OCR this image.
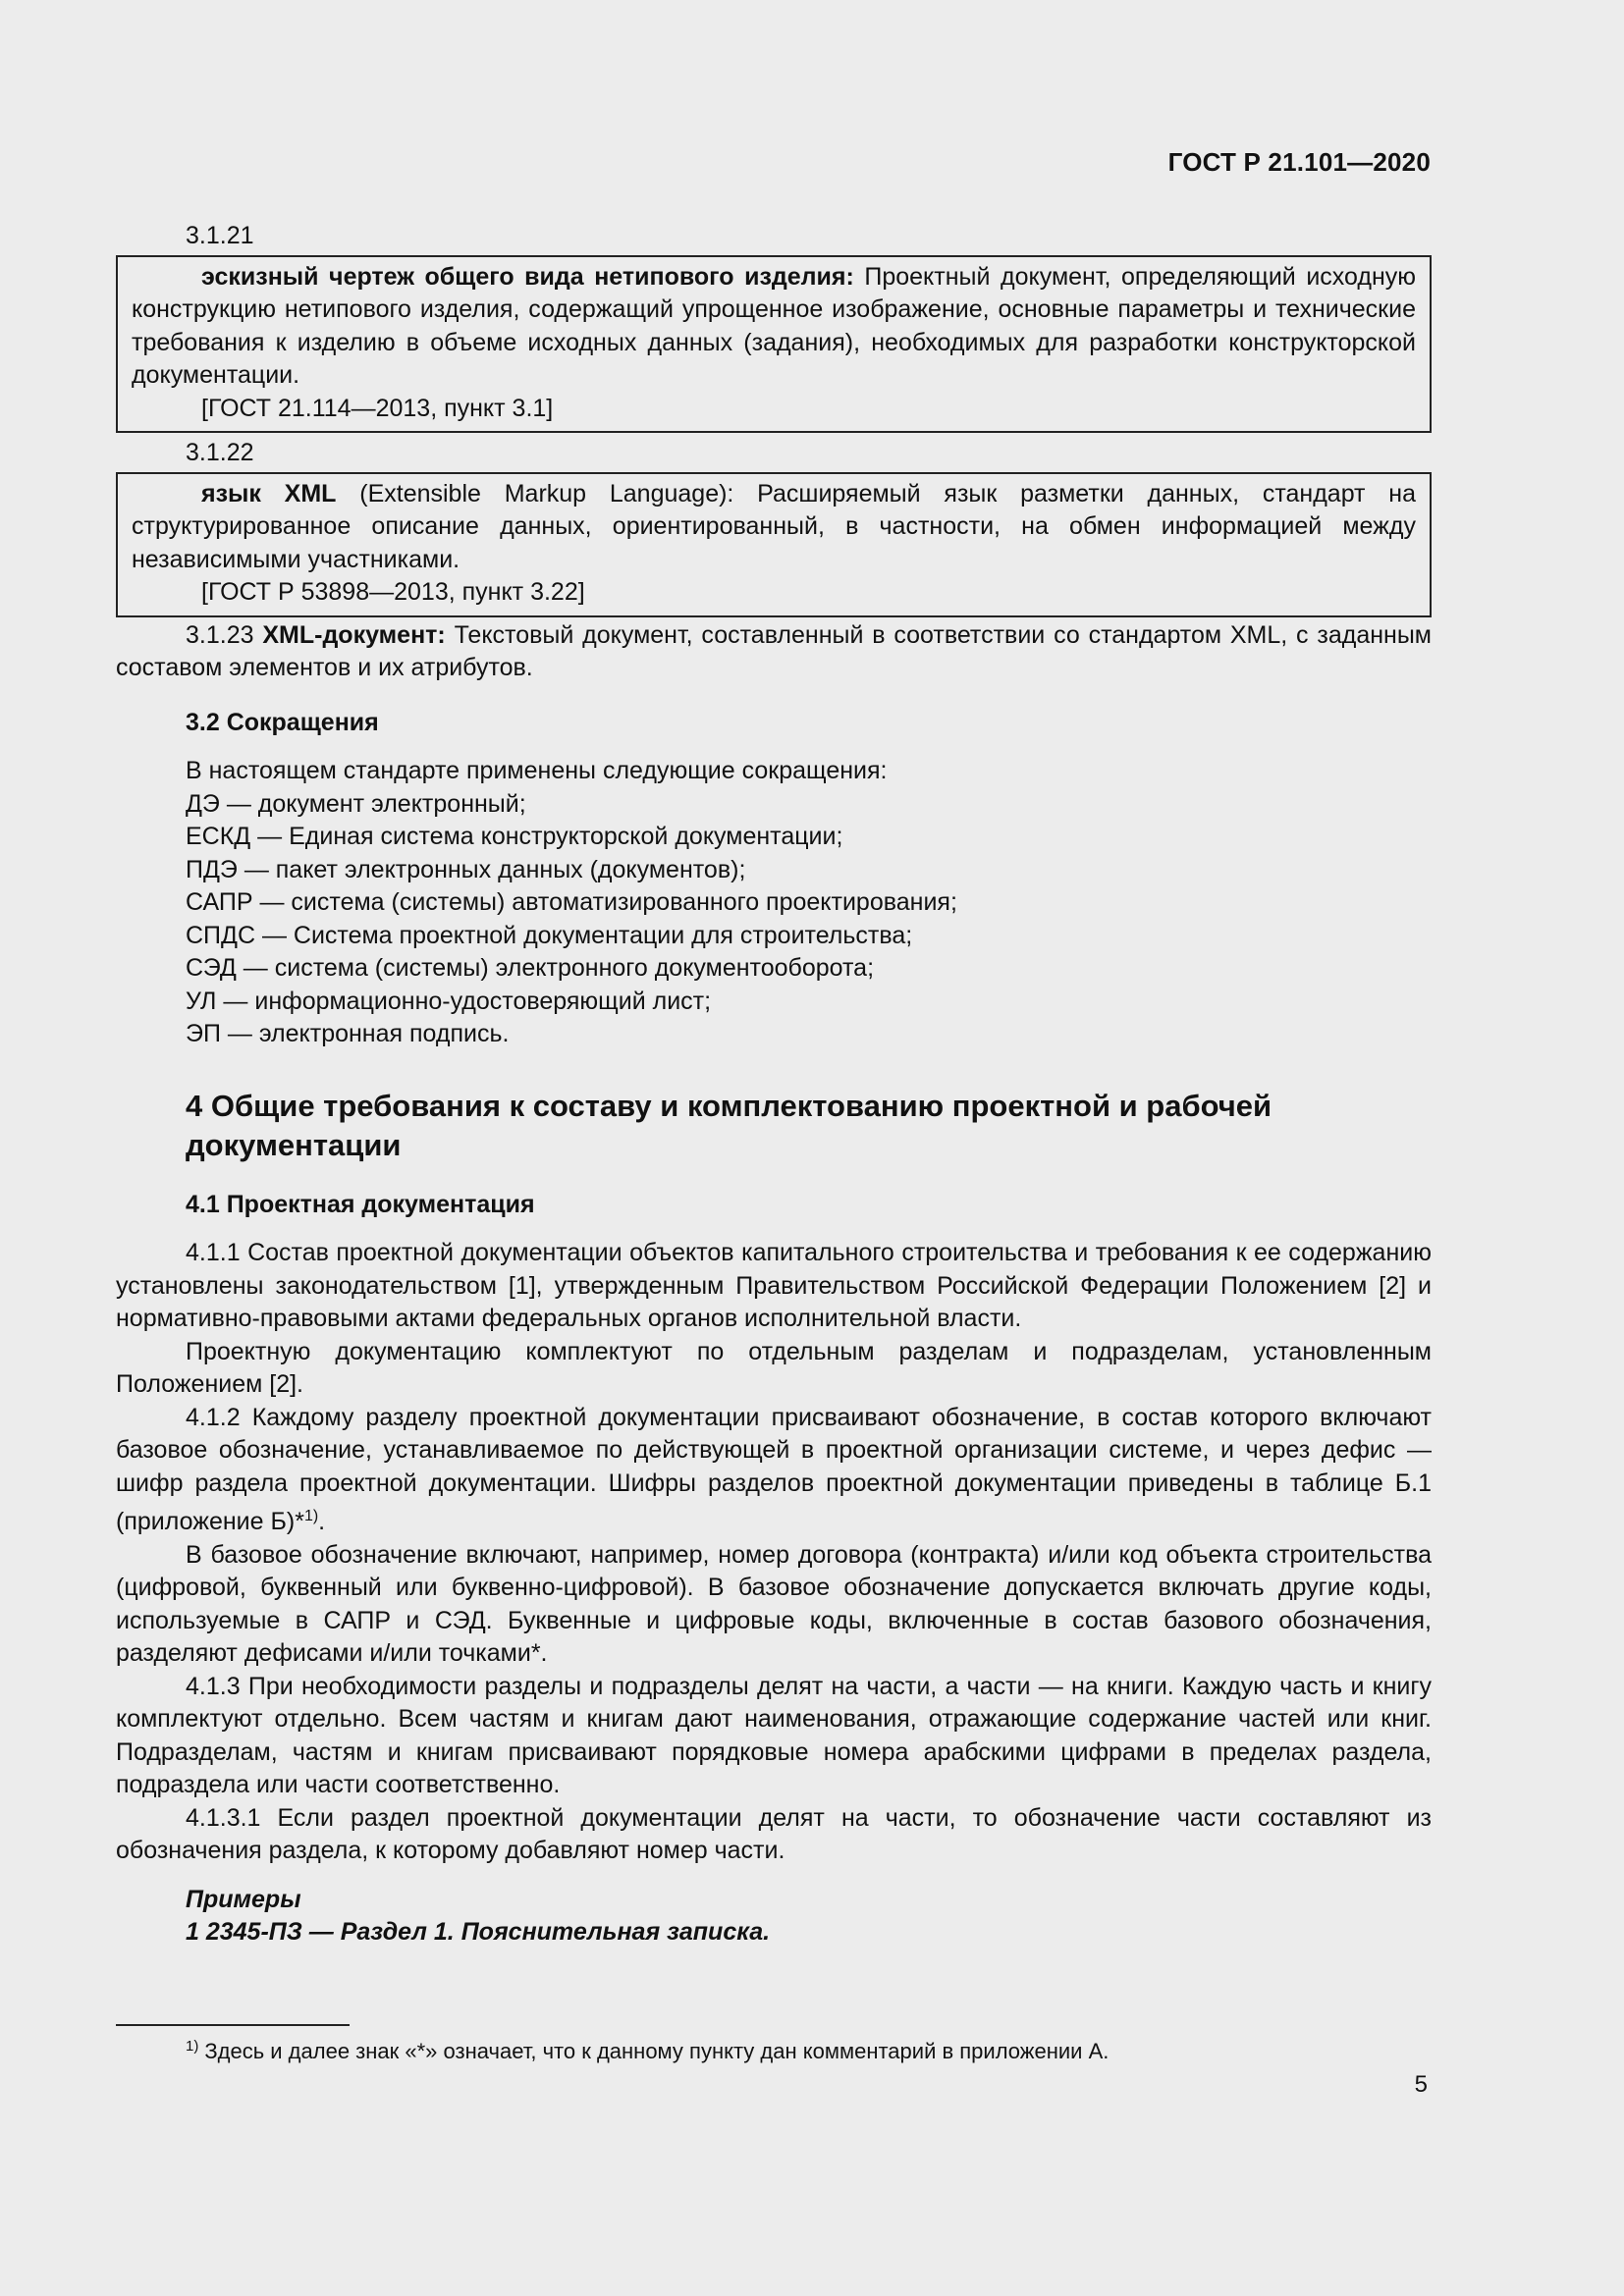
ГОСТ Р 21.101—2020

3.1.21

эскизный чертеж общего вида нетипового изделия: Проектный документ, определяющий исходную конструкцию нетипового изделия, содержащий упрощенное изображение, основные параметры и технические требования к изделию в объеме исходных данных (задания), необходимых для разработки конструкторской документации.

[ГОСТ 21.114—2013, пункт 3.1]

3.1.22

язык XML (Extensible Markup Language): Расширяемый язык разметки данных, стандарт на структурированное описание данных, ориентированный, в частности, на обмен информацией между независимыми участниками.

[ГОСТ Р 53898—2013, пункт 3.22]

3.1.23 XML-документ: Текстовый документ, составленный в соответствии со стандартом XML, с заданным составом элементов и их атрибутов.

3.2 Сокращения

В настоящем стандарте применены следующие сокращения:

ДЭ — документ электронный;

ЕСКД — Единая система конструкторской документации;

ПДЭ — пакет электронных данных (документов);

САПР — система (системы) автоматизированного проектирования;

СПДС — Система проектной документации для строительства;

СЭД — система (системы) электронного документооборота;

УЛ — информационно-удостоверяющий лист;

ЭП — электронная подпись.

4 Общие требования к составу и комплектованию проектной и рабочей
документации
4.1 Проектная документация

4.1.1 Состав проектной документации объектов капитального строительства и требования к ее содержанию установлены законодательством [1], утвержденным Правительством Российской Федерации Положением [2] и нормативно-правовыми актами федеральных органов исполнительной власти.

Проектную документацию комплектуют по отдельным разделам и подразделам, установленным Положением [2].

4.1.2 Каждому разделу проектной документации присваивают обозначение, в состав которого включают базовое обозначение, устанавливаемое по действующей в проектной организации системе, и через дефис — шифр раздела проектной документации. Шифры разделов проектной документации приведены в таблице Б.1 (приложение Б)*$^{1)}$.

В базовое обозначение включают, например, номер договора (контракта) и/или код объекта строительства (цифровой, буквенный или буквенно-цифровой). В базовое обозначение допускается включать другие коды, используемые в САПР и СЭД. Буквенные и цифровые коды, включенные в состав базового обозначения, разделяют дефисами и/или точками*.

4.1.3 При необходимости разделы и подразделы делят на части, а части — на книги. Каждую часть и книгу комплектуют отдельно. Всем частям и книгам дают наименования, отражающие содержание частей или книг. Подразделам, частям и книгам присваивают порядковые номера арабскими цифрами в пределах раздела, подраздела или части соответственно.

4.1.3.1 Если раздел проектной документации делят на части, то обозначение части составляют из обозначения раздела, к которому добавляют номер части.

Примеры

1 2345-ПЗ — Раздел 1. Пояснительная записка.

$^{1)}$ Здесь и далее знак «*» означает, что к данному пункту дан комментарий в приложении А.
5
